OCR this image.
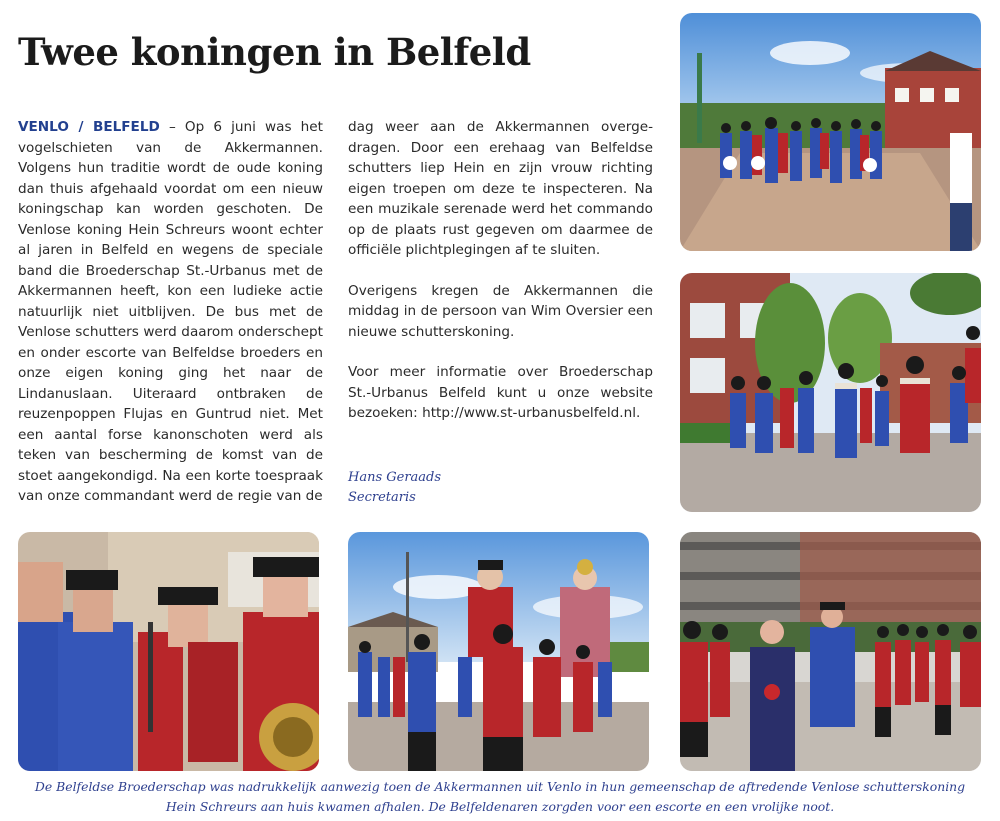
Twee koningen in Belfeld

VENLO / BELFELD – Op 6 juni was het vogelschieten van de Akkermannen. Volgens hun traditie wordt de oude koning dan thuis afgehaald voordat om een nieuw koningschap kan worden geschoten. De Venlose koning Hein Schreurs woont echter al jaren in Belfeld en wegens de speciale band die Broederschap St.-Urbanus met de Akkermannen heeft, kon een ludieke actie natuurlijk niet uitblijven. De bus met de Venlose schutters werd daarom onderschept en onder escorte van Belfeldse broeders en onze eigen koning ging het naar de Lindanuslaan. Uiteraard ontbraken de reuzenpoppen Flujas en Guntrud niet. Met een aantal forse kanonschoten werd als teken van bescherming de komst van de stoet aangekondigd. Na een korte toespraak van onze commandant werd de regie van de

dag weer aan de Akkermannen overgedragen. Door een erehaag van Belfeldse schutters liep Hein en zijn vrouw richting eigen troepen om deze te inspecteren. Na een muzikale serenade werd het commando op de plaats rust gegeven om daarmee de officiële plichtplegingen af te sluiten.

Overigens kregen de Akkermannen die middag in de persoon van Wim Oversier een nieuwe schutterskoning.

Voor meer informatie over Broederschap St.-Urbanus Belfeld kunt u onze website bezoeken: http://www.st-urbanusbelfeld.nl.

Hans Geraads
Secretaris
De Belfeldse Broederschap was nadrukkelijk aanwezig toen de Akkermannen uit Venlo in hun gemeenschap de aftredende Venlose schutterskoning
Hein Schreurs aan huis kwamen afhalen. De Belfeldenaren zorgden voor een escorte en een vrolijke noot.
